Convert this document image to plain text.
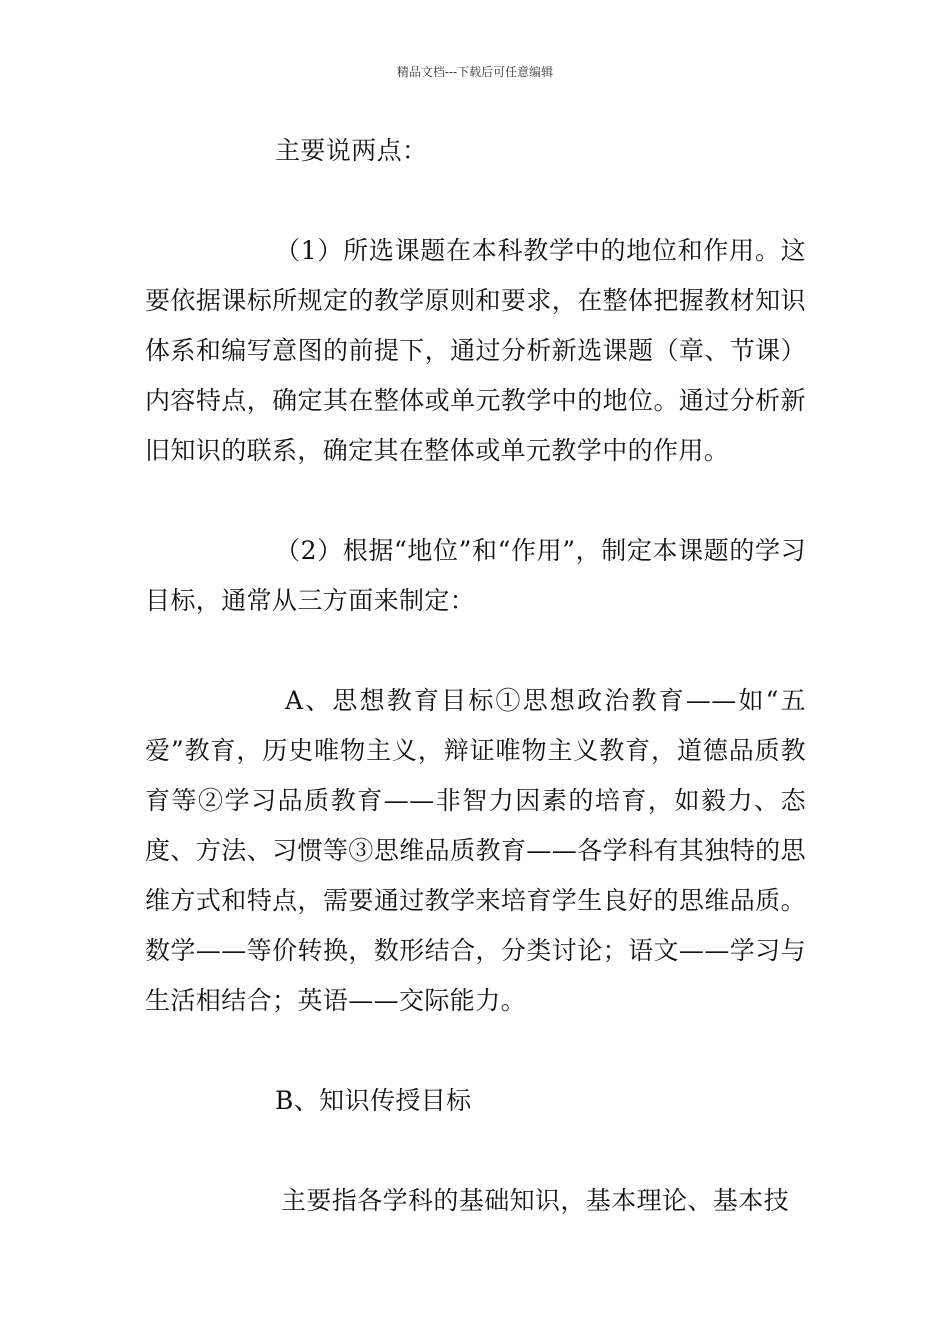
精品文档---下载后可任意编辑

主要说两点：

（1）所选课题在本科教学中的地位和作用。这要依据课标所规定的教学原则和要求，在整体把握教材知识体系和编写意图的前提下，通过分析新选课题（章、节课）内容特点，确定其在整体或单元教学中的地位。通过分析新旧知识的联系，确定其在整体或单元教学中的作用。

（2）根据“地位”和“作用”，制定本课题的学习目标，通常从三方面来制定：

A、思想教育目标①思想政治教育——如“五爱”教育，历史唯物主义，辩证唯物主义教育，道德品质教育等②学习品质教育——非智力因素的培育，如毅力、态度、方法、习惯等③思维品质教育——各学科有其独特的思维方式和特点，需要通过教学来培育学生良好的思维品质。数学——等价转换，数形结合，分类讨论；语文——学习与生活相结合；英语——交际能力。

B、知识传授目标

主要指各学科的基础知识，基本理论、基本技
